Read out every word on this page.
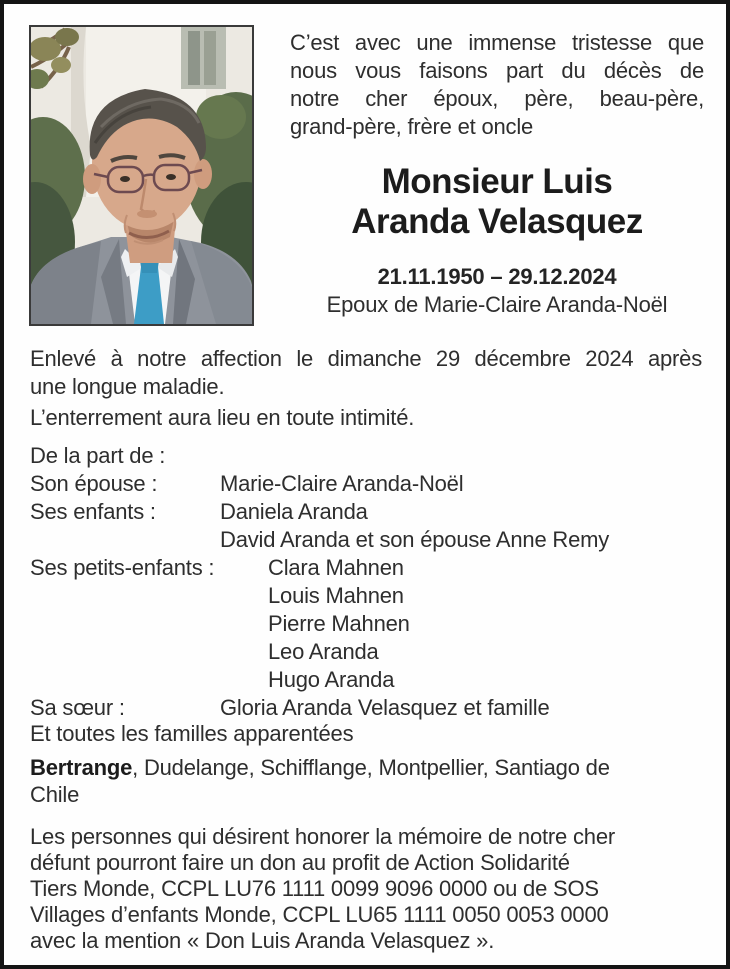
C’est avec une immense tristesse que
nous vous faisons part du décès de
notre cher époux, père, beau-père,
grand-père, frère et oncle
Monsieur Luis
Aranda Velasquez
21.11.1950 – 29.12.2024
Epoux de Marie-Claire Aranda-Noël
Enlevé à notre affection le dimanche 29 décembre 2024 après
une longue maladie.
L’enterrement aura lieu en toute intimité.
De la part de :
Son épouse :	Marie-Claire Aranda-Noël
Ses enfants :	Daniela Aranda
David Aranda et son épouse Anne Remy
Ses petits-enfants :	Clara Mahnen
Louis Mahnen
Pierre Mahnen
Leo Aranda
Hugo Aranda
Sa sœur :	Gloria Aranda Velasquez et famille
Et toutes les familles apparentées
Bertrange, Dudelange, Schifflange, Montpellier, Santiago de
Chile
Les personnes qui désirent honorer la mémoire de notre cher
défunt pourront faire un don au profit de Action Solidarité
Tiers Monde, CCPL LU76 1111 0099 9096 0000 ou de SOS
Villages d’enfants Monde, CCPL LU65 1111 0050 0053 0000
avec la mention « Don Luis Aranda Velasquez ».
